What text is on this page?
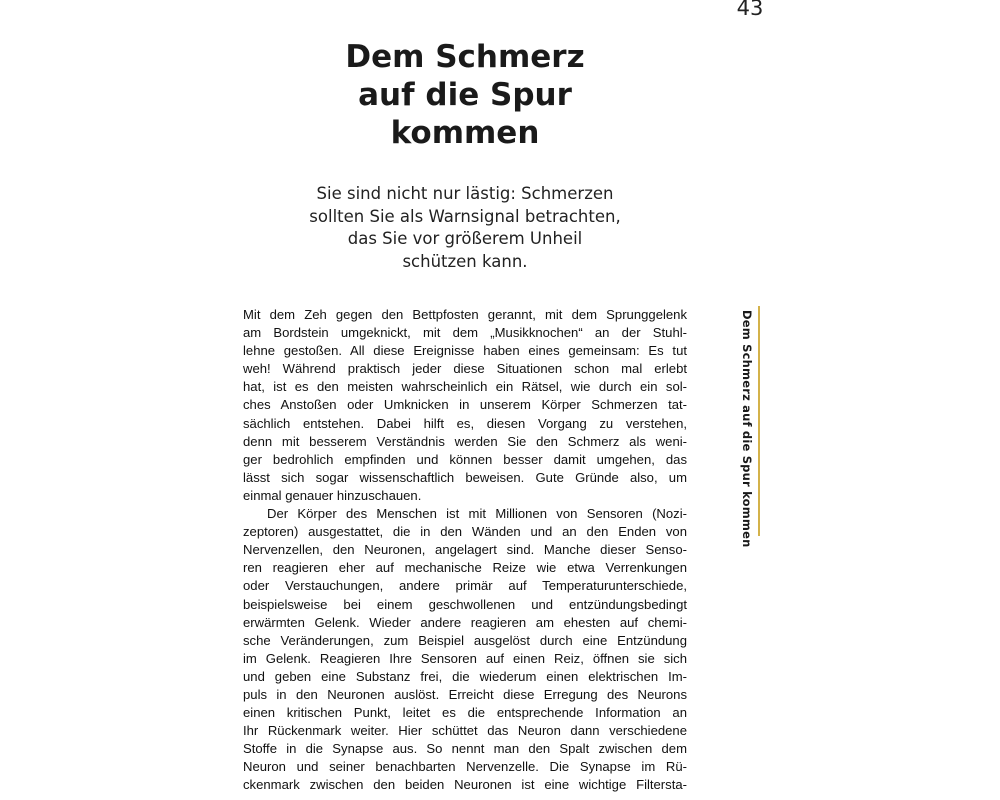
43
Dem Schmerz
auf die Spur
kommen
Sie sind nicht nur lästig: Schmerzen
sollten Sie als Warnsignal betrachten,
das Sie vor größerem Unheil
schützen kann.

Mit dem Zeh gegen den Bettpfosten gerannt, mit dem Sprunggelenk
am Bordstein umgeknickt, mit dem „Musikknochen“ an der Stuhl-
lehne gestoßen. All diese Ereignisse haben eines gemeinsam: Es tut
weh! Während praktisch jeder diese Situationen schon mal erlebt
hat, ist es den meisten wahrscheinlich ein Rätsel, wie durch ein sol-
ches Anstoßen oder Umknicken in unserem Körper Schmerzen tat-
sächlich entstehen. Dabei hilft es, diesen Vorgang zu verstehen,
denn mit besserem Verständnis werden Sie den Schmerz als weni-
ger bedrohlich empfinden und können besser damit umgehen, das
lässt sich sogar wissenschaftlich beweisen. Gute Gründe also, um
einmal genauer hinzuschauen.

Der Körper des Menschen ist mit Millionen von Sensoren (Nozi-
zeptoren) ausgestattet, die in den Wänden und an den Enden von
Nervenzellen, den Neuronen, angelagert sind. Manche dieser Senso-
ren reagieren eher auf mechanische Reize wie etwa Verrenkungen
oder Verstauchungen, andere primär auf Temperaturunterschiede,
beispielsweise bei einem geschwollenen und entzündungsbedingt
erwärmten Gelenk. Wieder andere reagieren am ehesten auf chemi-
sche Veränderungen, zum Beispiel ausgelöst durch eine Entzündung
im Gelenk. Reagieren Ihre Sensoren auf einen Reiz, öffnen sie sich
und geben eine Substanz frei, die wiederum einen elektrischen Im-
puls in den Neuronen auslöst. Erreicht diese Erregung des Neurons
einen kritischen Punkt, leitet es die entsprechende Information an
Ihr Rückenmark weiter. Hier schüttet das Neuron dann verschiedene
Stoffe in die Synapse aus. So nennt man den Spalt zwischen dem
Neuron und seiner benachbarten Nervenzelle. Die Synapse im Rü-
ckenmark zwischen den beiden Neuronen ist eine wichtige Filtersta-

Dem Schmerz auf die Spur kommen
